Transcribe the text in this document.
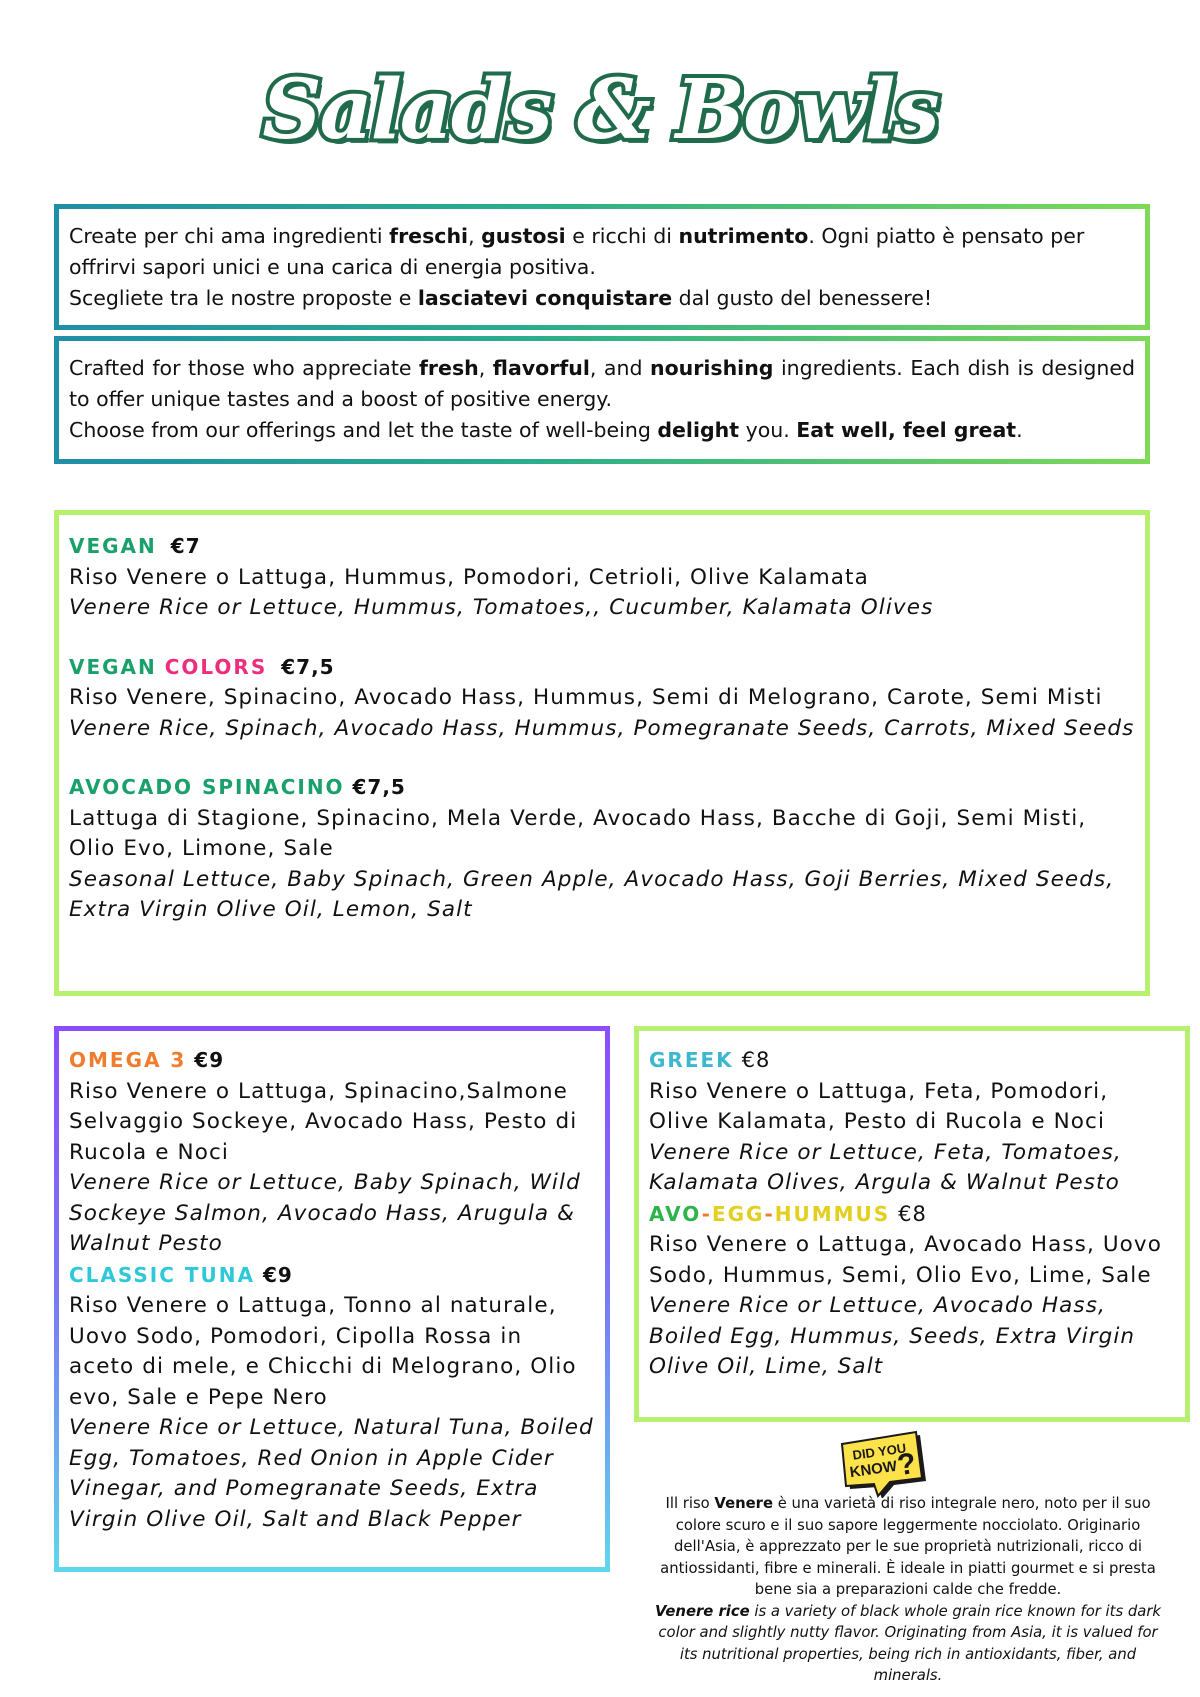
Salads & Bowls
Create per chi ama ingredienti freschi, gustosi e ricchi di nutrimento. Ogni piatto è pensato per offrirvi sapori unici e una carica di energia positiva.
Scegliete tra le nostre proposte e lasciatevi conquistare dal gusto del benessere!
Crafted for those who appreciate fresh, flavorful, and nourishing ingredients. Each dish is designed to offer unique tastes and a boost of positive energy.
Choose from our offerings and let the taste of well-being delight you. Eat well, feel great.
VEGAN €7
Riso Venere o Lattuga, Hummus, Pomodori, Cetrioli, Olive Kalamata
Venere Rice or Lettuce, Hummus, Tomatoes,, Cucumber, Kalamata Olives
VEGAN COLORS €7,5
Riso Venere, Spinacino, Avocado Hass, Hummus, Semi di Melograno, Carote, Semi Misti
Venere Rice, Spinach, Avocado Hass, Hummus, Pomegranate Seeds, Carrots, Mixed Seeds
AVOCADO SPINACINO €7,5
Lattuga di Stagione, Spinacino, Mela Verde, Avocado Hass, Bacche di Goji, Semi Misti, Olio Evo, Limone, Sale
Seasonal Lettuce, Baby Spinach, Green Apple, Avocado Hass, Goji Berries, Mixed Seeds, Extra Virgin Olive Oil, Lemon, Salt
OMEGA 3 €9
Riso Venere o Lattuga, Spinacino,Salmone Selvaggio Sockeye, Avocado Hass, Pesto di Rucola e Noci
Venere Rice or Lettuce, Baby Spinach, Wild Sockeye Salmon, Avocado Hass, Arugula & Walnut Pesto
CLASSIC TUNA €9
Riso Venere o Lattuga, Tonno al naturale, Uovo Sodo, Pomodori, Cipolla Rossa in aceto di mele, e Chicchi di Melograno, Olio evo, Sale e Pepe Nero
Venere Rice or Lettuce, Natural Tuna, Boiled Egg, Tomatoes, Red Onion in Apple Cider Vinegar, and Pomegranate Seeds, Extra Virgin Olive Oil, Salt and Black Pepper
GREEK €8
Riso Venere o Lattuga, Feta, Pomodori, Olive Kalamata, Pesto di Rucola e Noci
Venere Rice or Lettuce, Feta, Tomatoes, Kalamata Olives, Argula & Walnut Pesto
AVO-EGG-HUMMUS €8
Riso Venere o Lattuga, Avocado Hass, Uovo Sodo, Hummus, Semi, Olio Evo, Lime, Sale
Venere Rice or Lettuce, Avocado Hass, Boiled Egg, Hummus, Seeds, Extra Virgin Olive Oil, Lime, Salt
DID YOU
KNOW
?
Ill riso Venere è una varietà di riso integrale nero, noto per il suo colore scuro e il suo sapore leggermente nocciolato. Originario dell'Asia, è apprezzato per le sue proprietà nutrizionali, ricco di antiossidanti, fibre e minerali. È ideale in piatti gourmet e si presta bene sia a preparazioni calde che fredde.
Venere rice is a variety of black whole grain rice known for its dark color and slightly nutty flavor. Originating from Asia, it is valued for its nutritional properties, being rich in antioxidants, fiber, and minerals.
